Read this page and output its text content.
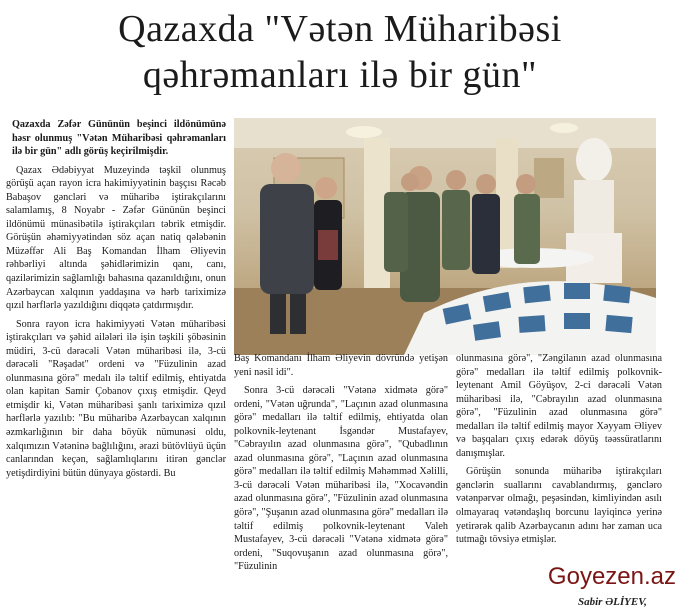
Qazaxda "Vətən Müharibəsi
qəhrəmanları ilə bir gün"

Qazaxda Zəfər Gününün beşinci ildönümünə həsr olunmuş "Vətən Müharibəsi qəhrəmanları ilə bir gün" adlı görüş keçirilmişdir.

Qazax Ədəbiyyat Muzeyində təşkil olunmuş görüşü açan rayon icra hakimiyyətinin başçısı Rəcəb Babaşov gəncləri və müharibə iştirakçılarını salamlamış, 8 Noyabr - Zəfər Gününün beşinci ildönümü münasibətilə iştirakçıları təbrik etmişdir. Görüşün əhəmiyyətindən söz açan natiq qələbənin Müzəffər Ali Baş Komandan İlham Əliyevin rəhbərliyi altında şəhidlərimizin qanı, canı, qazilərimizin sağlamlığı bahasına qazanıldığını, onun Azərbaycan xalqının yaddaşına və hərb tariximizə qızıl hərflərlə yazıldığını diqqətə çatdırmışdır.

Sonra rayon icra hakimiyyəti Vətən müharibəsi iştirakçıları və şəhid ailələri ilə işin təşkili şöbəsinin müdiri, 3-cü dərəcəli Vətən müharibəsi ilə, 3-cü dərəcəli "Rəşadət" ordeni və "Füzulinin azad olunmasına görə" medalı ilə təltif edilmiş, ehtiyatda olan kapitan Samir Çobanov çıxış etmişdir. Qeyd etmişdir ki, Vətən müharibəsi şanlı tariximizə qızıl hərflərlə yazılıb: "Bu müharibə Azərbaycan xalqının əzmkarlığının bir daha böyük nümunəsi oldu, xalqımızın Vətəninə bağlılığını, ərazi bütövlüyü üçün canlarından keçən, sağlamlıqlarını itirən gənclər yetişdirdiyini bütün dünyaya göstərdi. Bu

Baş Komandanı İlham Əliyevin dövründə yetişən yeni nəsil idi".

Sonra 3-cü dərəcəli "Vətənə xidmətə görə" ordeni, "Vətən uğrunda", "Laçının azad olunmasına görə" medalları ilə təltif edilmiş, ehtiyatda olan polkovnik-leytenant İsgəndər Mustafayev, "Cəbrayılın azad olunmasına görə", "Qubadlının azad olunmasına görə", "Laçının azad olunmasına görə" medalları ilə təltif edilmiş Məhəmməd Xəlilli, 3-cü dərəcəli Vətən müharibəsi ilə, "Xocavəndin azad olunmasına görə", "Füzulinin azad olunmasına görə", "Şuşanın azad olunmasına görə" medalları ilə təltif edilmiş polkovnik-leytenant Valeh Mustafayev, 3-cü dərəcəli "Vətənə xidmətə görə" ordeni, "Suqovuşanın azad olunmasına görə", "Füzulinin

olunmasına görə", "Zəngilanın azad olunmasına görə" medalları ilə təltif edilmiş polkovnik-leytenant Amil Göyüşov, 2-ci dərəcəli Vətən müharibəsi ilə, "Cəbrayılın azad olunmasına görə", "Füzulinin azad olunmasına görə" medalları ilə təltif edilmiş mayor Xəyyam Əliyev və başqaları çıxış edərək döyüş təəssüratlarını danışmışlar.

Görüşün sonunda müharibə iştirakçıları gənclərin suallarını cavablandırmış, gəncləro vətənpərvər olmağı, peşəsindən, kimliyindən asılı olmayaraq vətəndaşlıq borcunu layiqincə yerinə yetirərək qalib Azərbaycanın adını hər zaman uca tutmağı tövsiyə etmişlər.

Goyezen.az
Sabir ƏLİYEV,
